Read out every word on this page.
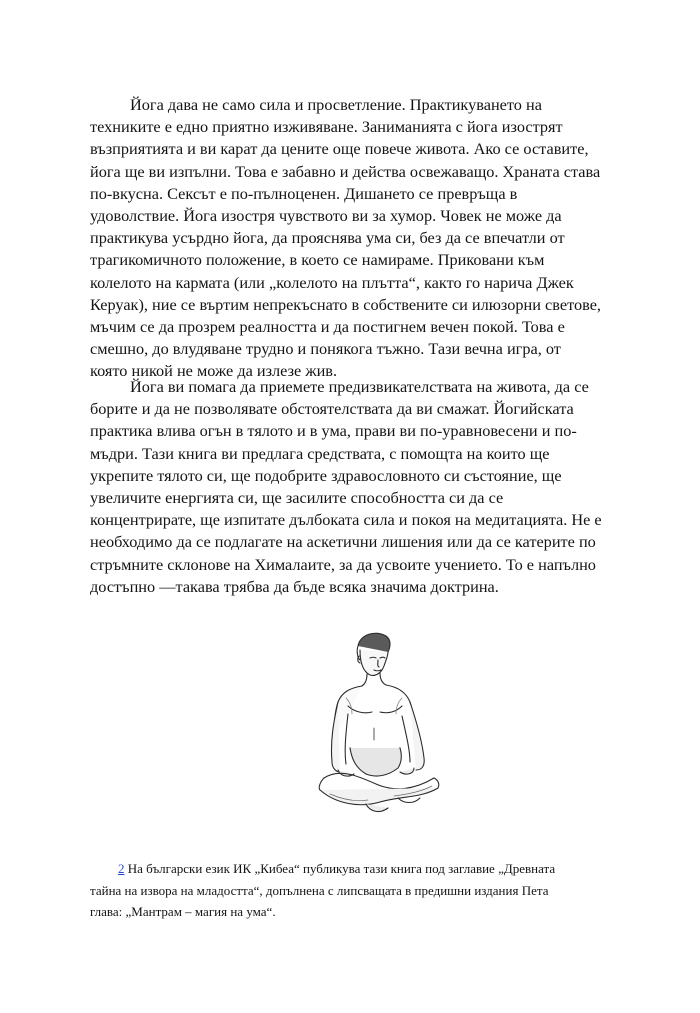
Йога дава не само сила и просветление. Практикуването на
техниките е едно приятно изживяване. Заниманията с йога изострят
възприятията и ви карат да цените още повече живота. Ако се оставите,
йога ще ви изпълни. Това е забавно и действа освежаващо. Храната става
по-вкусна. Сексът е по-пълноценен. Дишането се превръща в
удоволствие. Йога изостря чувството ви за хумор. Човек не може да
практикува усърдно йога, да прояснява ума си, без да се впечатли от
трагикомичното положение, в което се намираме. Приковани към
колелото на кармата (или „колелото на плътта“, както го нарича Джек
Керуак), ние се въртим непрекъснато в собствените си илюзорни светове,
мъчим се да прозрем реалността и да постигнем вечен покой. Това е
смешно, до влудяване трудно и понякога тъжно. Тази вечна игра, от
която никой не може да излезе жив.

Йога ви помага да приемете предизвикателствата на живота, да се
борите и да не позволявате обстоятелствата да ви смажат. Йогийската
практика влива огън в тялото и в ума, прави ви по-уравновесени и по-
мъдри. Тази книга ви предлага средствата, с помощта на които ще
укрепите тялото си, ще подобрите здравословното си състояние, ще
увеличите енергията си, ще засилите способността си да се
концентрирате, ще изпитате дълбоката сила и покоя на медитацията. Не е
необходимо да се подлагате на аскетични лишения или да се катерите по
стръмните склонове на Хималаите, за да усвоите учението. То е напълно
достъпно —такава трябва да бъде всяка значима доктрина.

2 На български език ИК „Кибеа“ публикува тази книга под заглавие „Древната
тайна на извора на младостта“, допълнена с липсващата в предишни издания Пета
глава: „Мантрам – магия на ума“.
